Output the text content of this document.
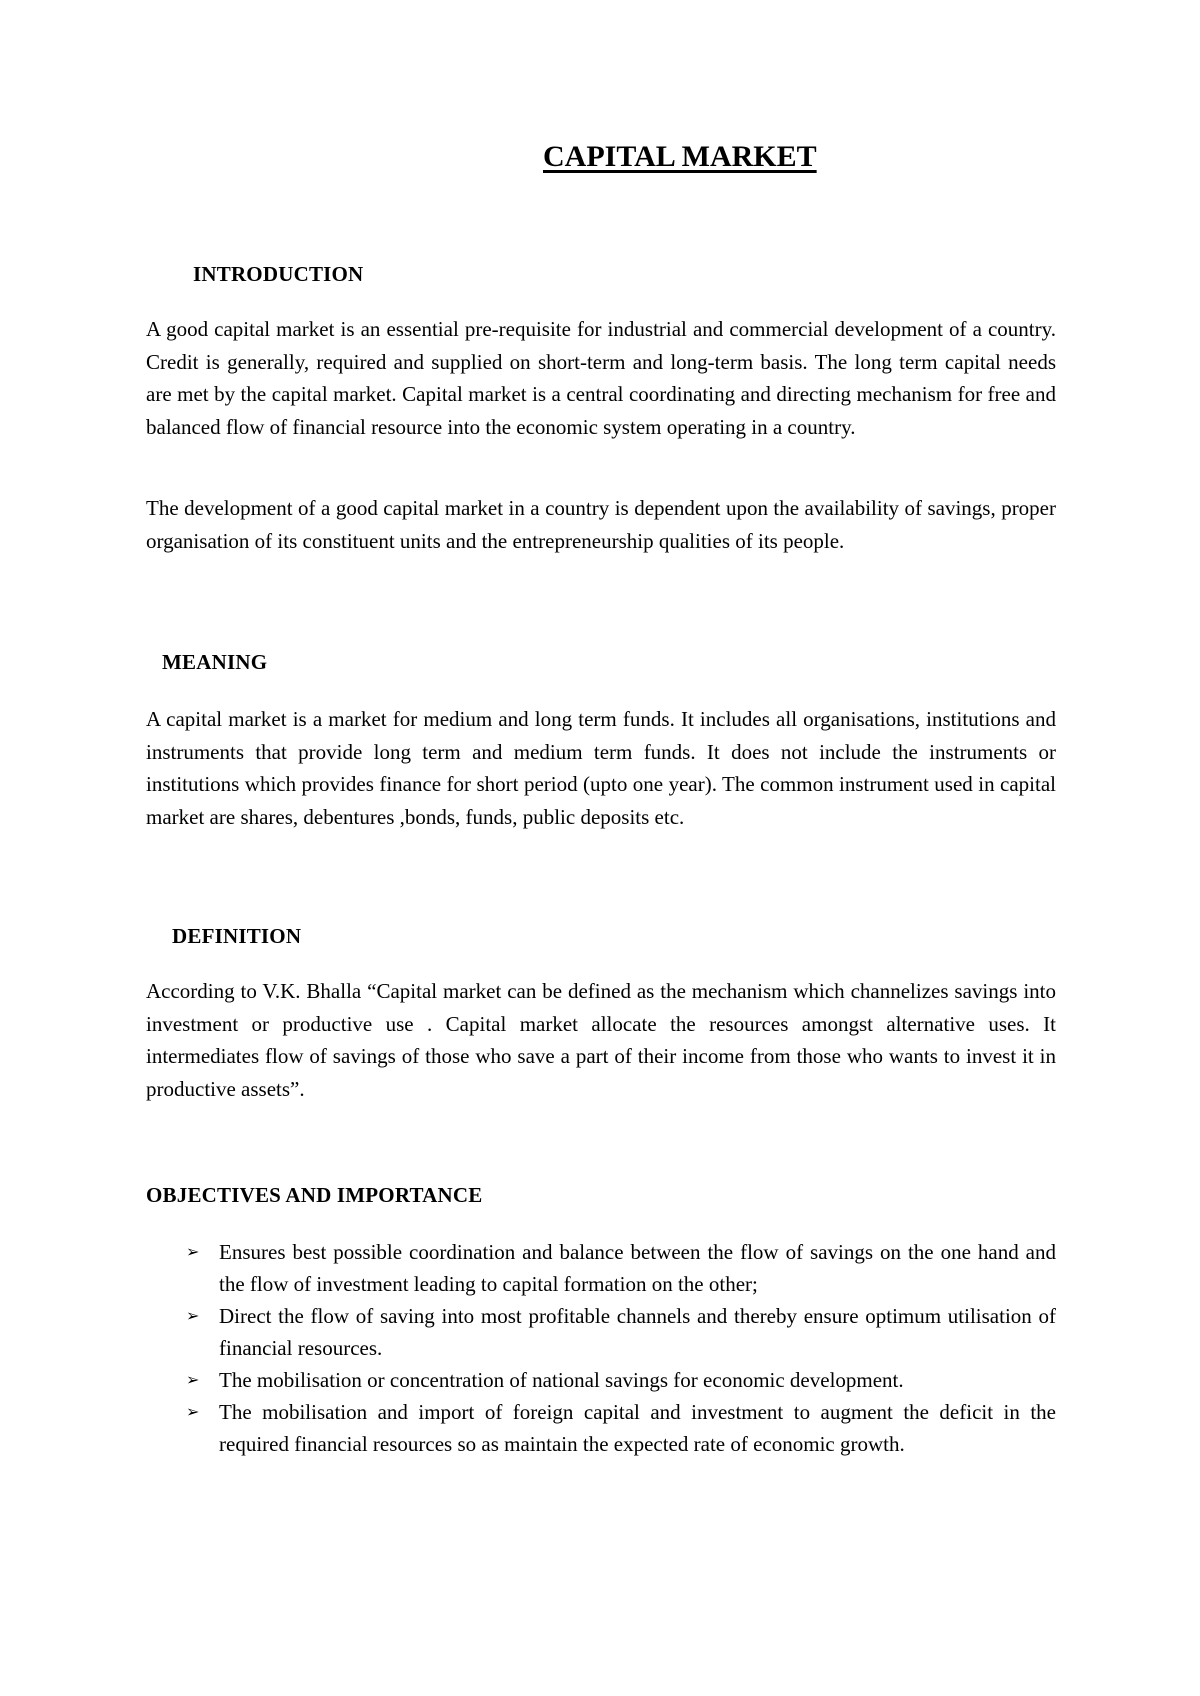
CAPITAL MARKET
INTRODUCTION

A good capital market is an essential pre-requisite for industrial and commercial development of a country. Credit is generally, required and supplied on short-term and long-term basis. The long term capital needs are met by the capital market. Capital market is a central coordinating and directing mechanism for free and balanced flow of financial resource into the economic system operating in a country.

The development of a good capital market in a country is dependent upon the availability of savings, proper organisation of its constituent units and the entrepreneurship qualities of its people.

MEANING

A capital market is a market for medium and long term funds. It includes all organisations, institutions and instruments that provide long term and medium term funds. It does not include the instruments or institutions which provides finance for short period (upto one year). The common instrument used in capital market are shares, debentures ,bonds, funds, public deposits etc.

DEFINITION

According to V.K. Bhalla “Capital market can be defined as the mechanism which channelizes savings into investment or productive use . Capital market allocate the resources amongst alternative uses. It intermediates flow of savings of those who save a part of their income from those who wants to invest it in productive assets”.

OBJECTIVES AND IMPORTANCE
➢ Ensures best possible coordination and balance between the flow of savings on the one hand and the flow of investment leading to capital formation on the other;
➢ Direct the flow of saving into most profitable channels and thereby ensure optimum utilisation of financial resources.
➢ The mobilisation or concentration of national savings for economic development.
➢ The mobilisation and import of foreign capital and investment to augment the deficit in the required financial resources so as maintain the expected rate of economic growth.
